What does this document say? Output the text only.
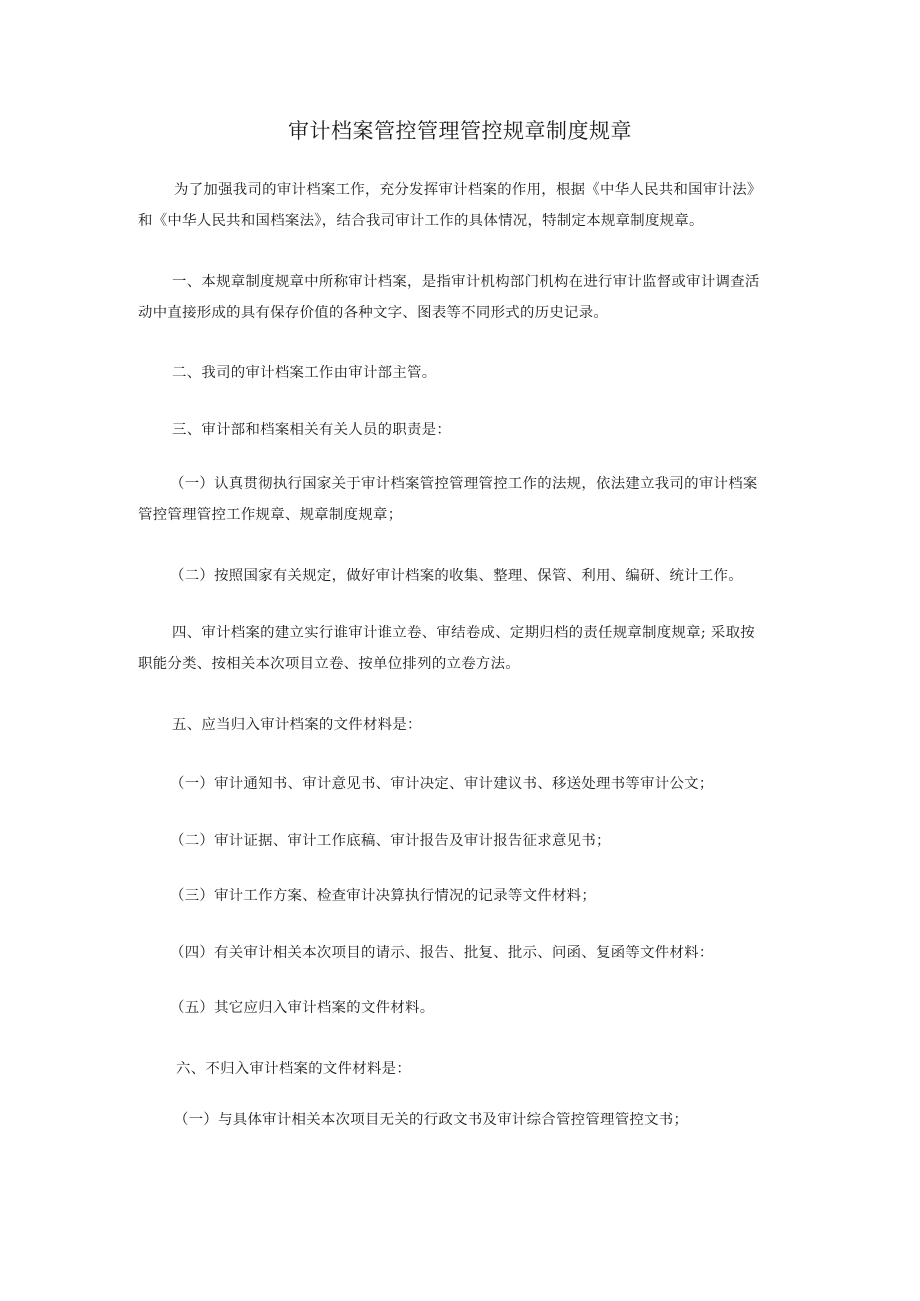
审计档案管控管理管控规章制度规章
为了加强我司的审计档案工作，充分发挥审计档案的作用，根据《中华人民共和国审计法》
和《中华人民共和国档案法》，结合我司审计工作的具体情况，特制定本规章制度规章。
一、本规章制度规章中所称审计档案，是指审计机构部门机构在进行审计监督或审计调查活
动中直接形成的具有保存价值的各种文字、图表等不同形式的历史记录。
二、我司的审计档案工作由审计部主管。
三、审计部和档案相关有关人员的职责是：
（一）认真贯彻执行国家关于审计档案管控管理管控工作的法规，依法建立我司的审计档案
管控管理管控工作规章、规章制度规章；
（二）按照国家有关规定，做好审计档案的收集、整理、保管、利用、编研、统计工作。
四、审计档案的建立实行谁审计谁立卷、审结卷成、定期归档的责任规章制度规章; 采取按
职能分类、按相关本次项目立卷、按单位排列的立卷方法。
五、应当归入审计档案的文件材料是：
（一）审计通知书、审计意见书、审计决定、审计建议书、移送处理书等审计公文；
（二）审计证据、审计工作底稿、审计报告及审计报告征求意见书；
（三）审计工作方案、检查审计决算执行情况的记录等文件材料；
（四）有关审计相关本次项目的请示、报告、批复、批示、问函、复函等文件材料：
（五）其它应归入审计档案的文件材料。
六、不归入审计档案的文件材料是：
（一）与具体审计相关本次项目无关的行政文书及审计综合管控管理管控文书；
